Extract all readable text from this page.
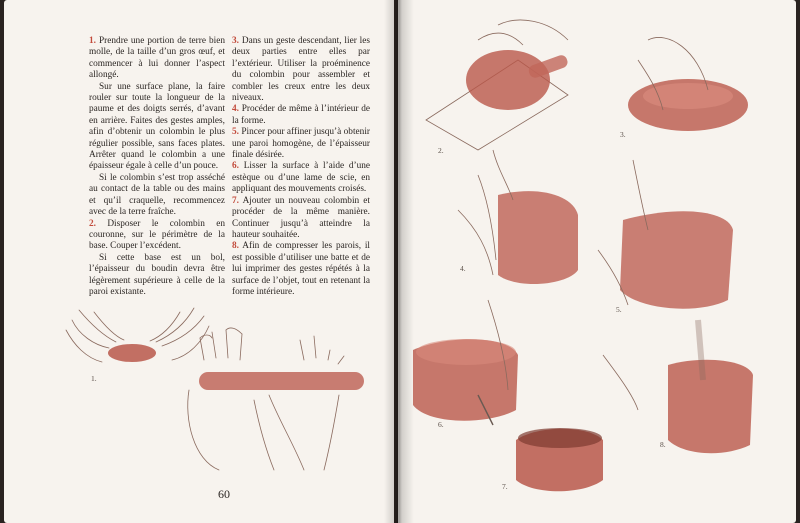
1. Prendre une portion de terre bien molle, de la taille d’un gros œuf, et commencer à lui donner l’aspect allongé.

Sur une surface plane, la faire rouler sur toute la longueur de la paume et des doigts serrés, d’avant en arrière. Faites des gestes amples, afin d’obtenir un colombin le plus régulier possible, sans faces plates. Arrêter quand le colombin a une épaisseur égale à celle d’un pouce.

Si le colombin s’est trop asséché au contact de la table ou des mains et qu’il craquelle, recommencez avec de la terre fraîche.

2. Disposer le colombin en couronne, sur le périmètre de la base. Couper l’excédent.

Si cette base est un bol, l’épaisseur du boudin devra être légèrement supérieure à celle de la paroi existante.

3. Dans un geste descendant, lier les deux parties entre elles par l’extérieur. Utiliser la proéminence du colombin pour assembler et combler les creux entre les deux niveaux.

4. Procéder de même à l’intérieur de la forme.

5. Pincer pour affiner jusqu’à obtenir une paroi homogène, de l’épaisseur finale désirée.

6. Lisser la surface à l’aide d’une estèque ou d’une lame de scie, en appliquant des mouvements croisés.

7. Ajouter un nouveau colombin et procéder de la même manière. Continuer jusqu’à atteindre la hauteur souhaitée.

8. Afin de compresser les parois, il est possible d’utiliser une batte et de lui imprimer des gestes répétés à la surface de l’objet, tout en retenant la forme intérieure.

1.
60
2.
3.
4.
5.
6.
7.
8.
